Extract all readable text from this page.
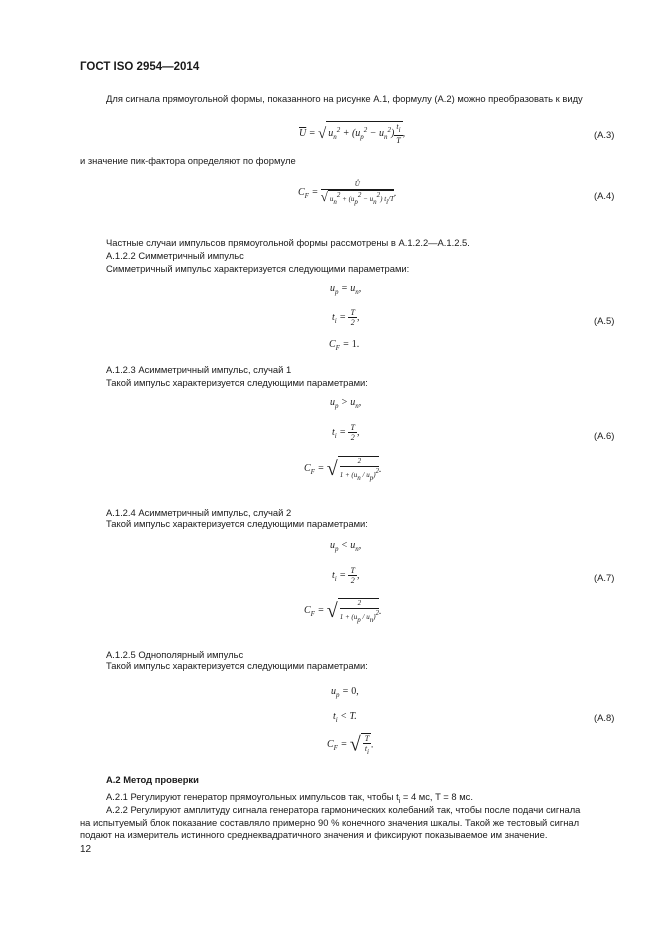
ГОСТ ISO 2954—2014
Для сигнала прямоугольной формы, показанного на рисунке А.1, формулу (А.2) можно преобразовать к виду
$\overline{U}$ = √ $u_n^2 + (u_p^2 - u_n^2) \frac{ti}{T}$ ,	(А.3)
и значение пик-фактора определяют по формуле
$C_F = \frac{Û}{√ un2 + (up2 - un2) ti/T}$ .	(А.4)
Частные случаи импульсов прямоугольной формы рассмотрены в А.1.2.2—А.1.2.5.
А.1.2.2 Симметричный импульс
Симметричный импульс характеризуется следующими параметрами:
$u_p = u_n$,
$t_i = \frac{T}{2}$ ,
$C_F = 1$.
(А.5)
А.1.2.3 Асимметричный импульс, случай 1
Такой импульс характеризуется следующими параметрами:
$u_p > u_n$,
$t_i = \frac{T}{2}$ ,
$C_F$ = √ $\frac{2}{1 + (un / up)2}$ .
(А.6)
А.1.2.4 Асимметричный импульс, случай 2
Такой импульс характеризуется следующими параметрами:
$u_p < u_n$,
$t_i = \frac{T}{2}$ ,
$C_F$ = √ $\frac{2}{1 + (up / un)2}$ .
(А.7)
А.1.2.5 Однополярный импульс
Такой импульс характеризуется следующими параметрами:
$u_p = 0$,
$t_i < T$.
$C_F$ = √ $\frac{T}{ti}$ .
(А.8)
А.2 Метод проверки
А.2.1 Регулируют генератор прямоугольных импульсов так, чтобы $t_i = 4$ мс, T = 8 мс.
А.2.2 Регулируют амплитуду сигнала генератора гармонических колебаний так, чтобы после подачи сигнала
на испытуемый блок показание составляло примерно 90 % конечного значения шкалы. Такой же тестовый сигнал
подают на измеритель истинного среднеквадратичного значения и фиксируют показываемое им значение.
12
